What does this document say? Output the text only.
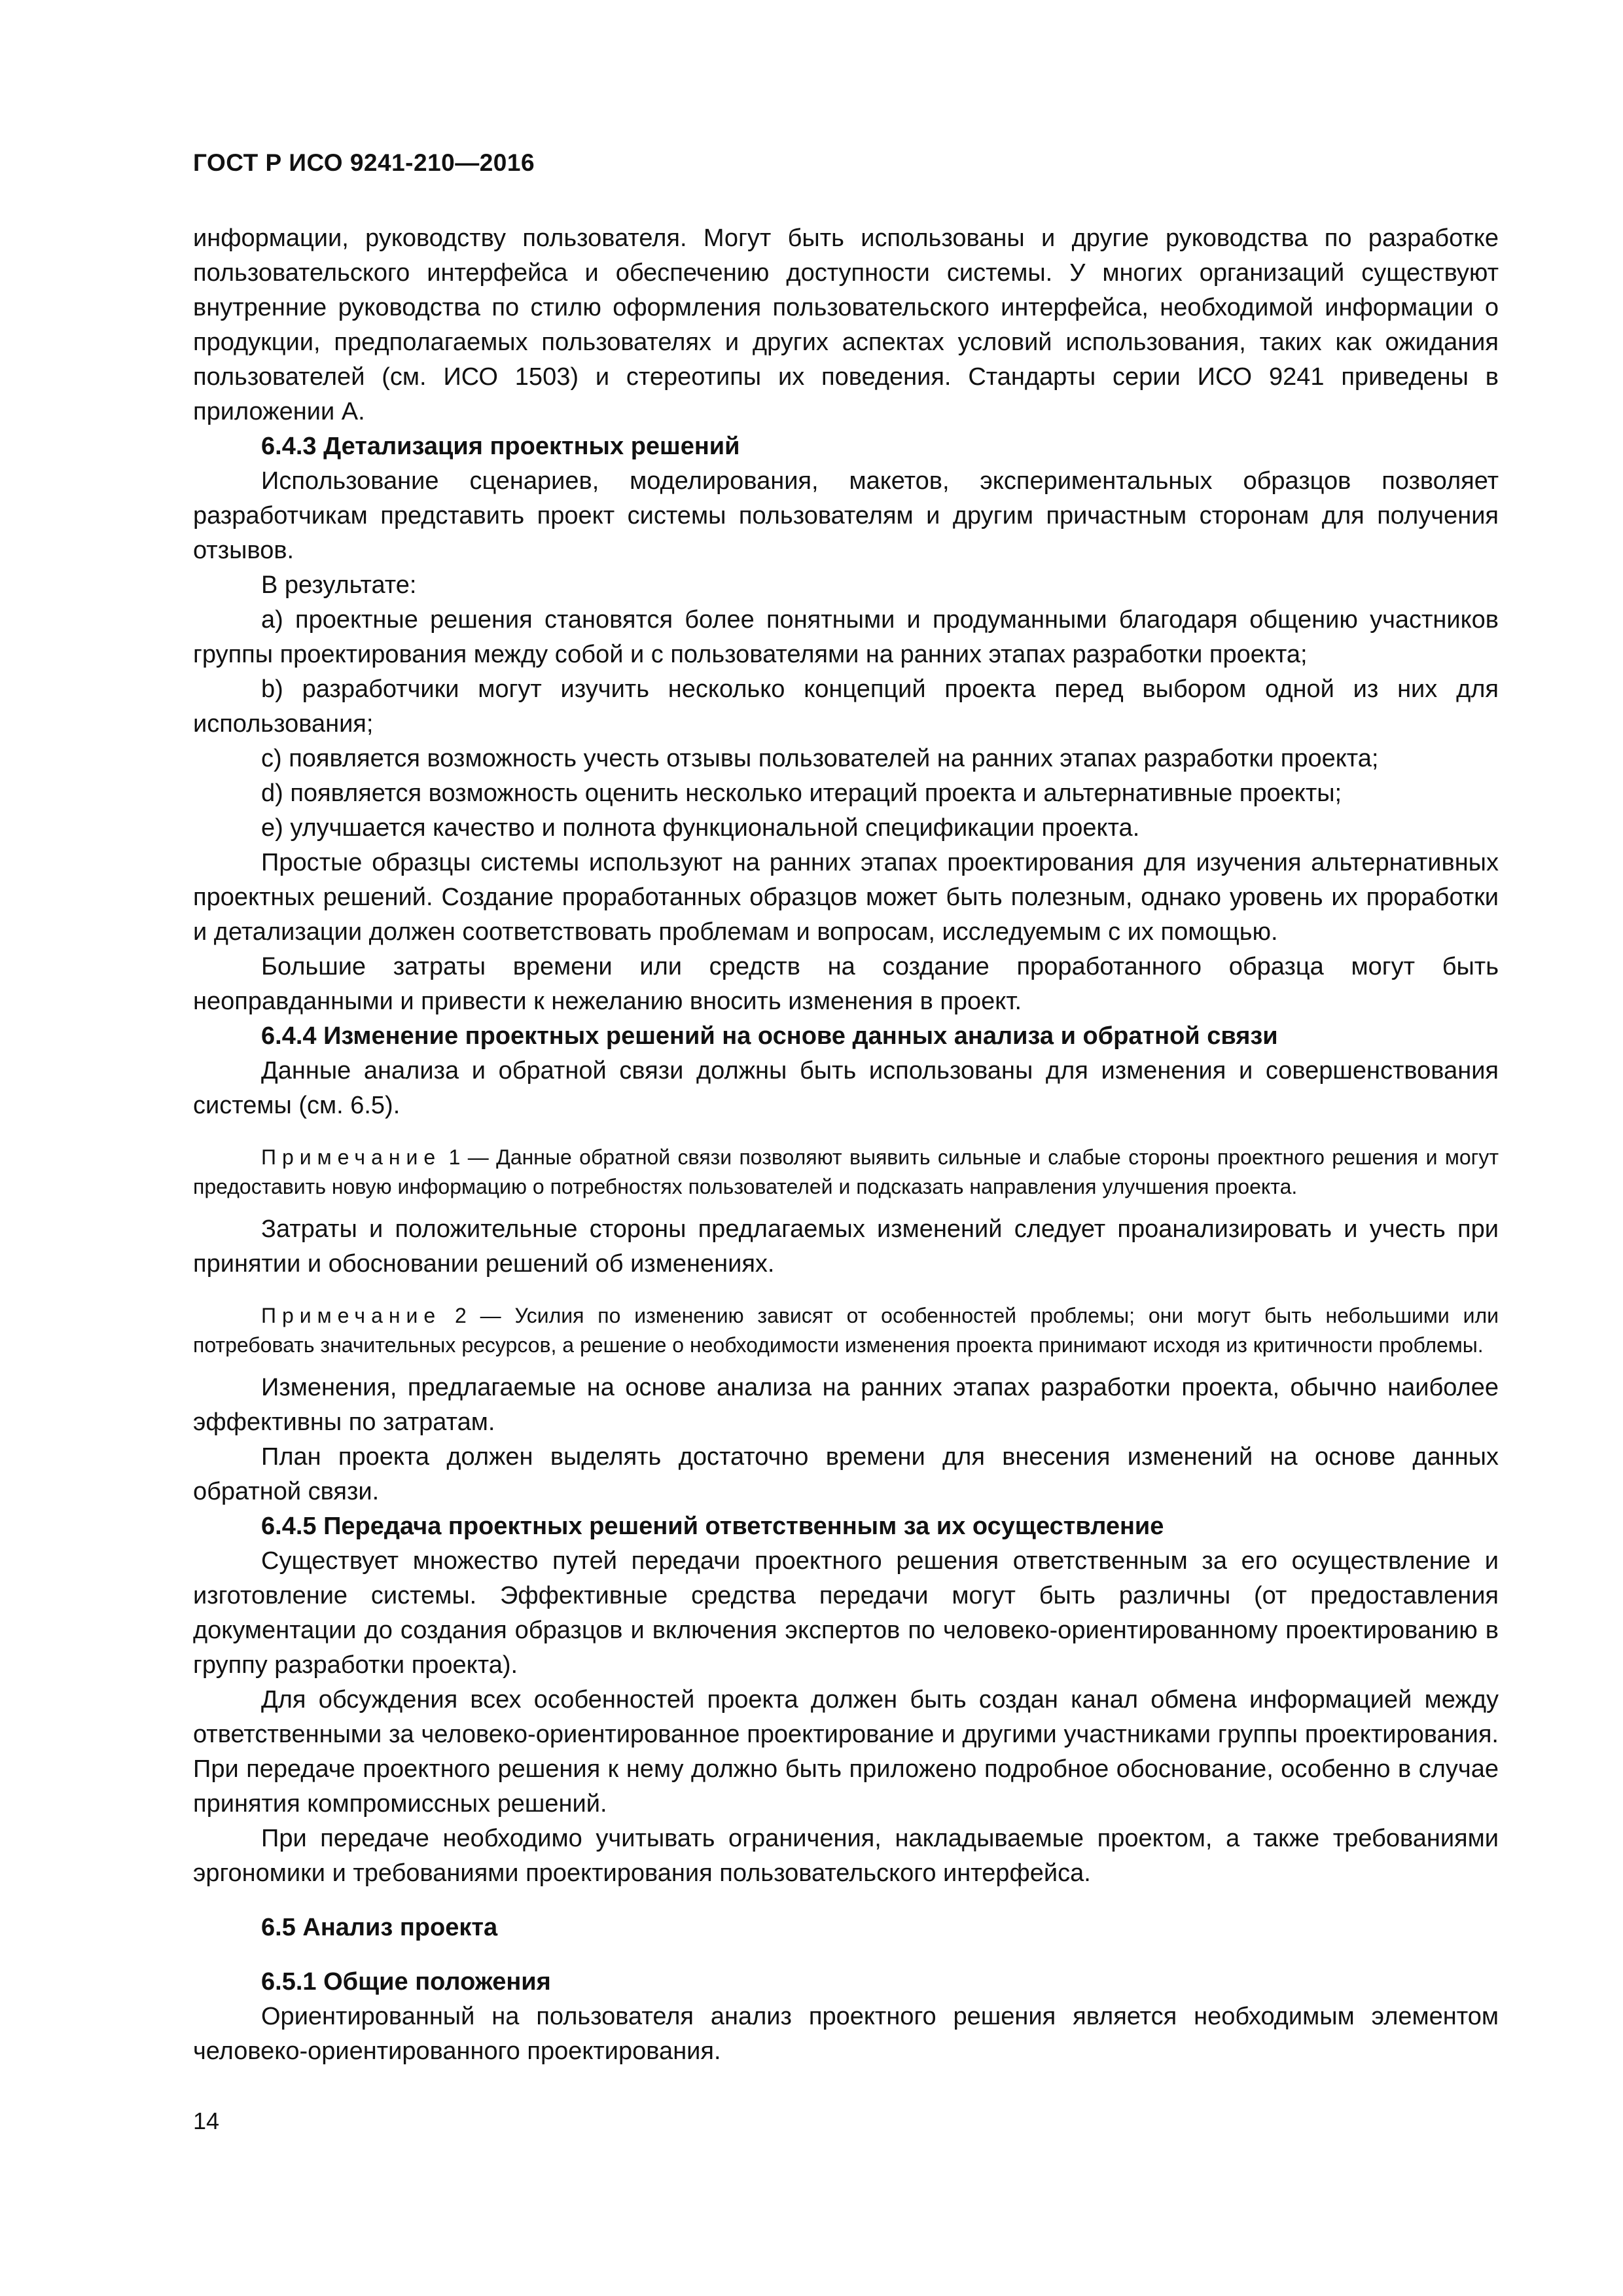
ГОСТ Р ИСО 9241-210—2016

информации, руководству пользователя. Могут быть использованы и другие руководства по разработке пользовательского интерфейса и обеспечению доступности системы. У многих организаций существуют внутренние руководства по стилю оформления пользовательского интерфейса, необходимой информации о продукции, предполагаемых пользователях и других аспектах условий использования, таких как ожидания пользователей (см. ИСО 1503) и стереотипы их поведения. Стандарты серии ИСО 9241 приведены в приложении А.

6.4.3 Детализация проектных решений

Использование сценариев, моделирования, макетов, экспериментальных образцов позволяет разработчикам представить проект системы пользователям и другим причастным сторонам для получения отзывов.

В результате:

а) проектные решения становятся более понятными и продуманными благодаря общению участников группы проектирования между собой и с пользователями на ранних этапах разработки проекта;

b) разработчики могут изучить несколько концепций проекта перед выбором одной из них для использования;

c) появляется возможность учесть отзывы пользователей на ранних этапах разработки проекта;

d) появляется возможность оценить несколько итераций проекта и альтернативные проекты;

e) улучшается качество и полнота функциональной спецификации проекта.

Простые образцы системы используют на ранних этапах проектирования для изучения альтернативных проектных решений. Создание проработанных образцов может быть полезным, однако уровень их проработки и детализации должен соответствовать проблемам и вопросам, исследуемым с их помощью.

Большие затраты времени или средств на создание проработанного образца могут быть неоправданными и привести к нежеланию вносить изменения в проект.

6.4.4 Изменение проектных решений на основе данных анализа и обратной связи

Данные анализа и обратной связи должны быть использованы для изменения и совершенствования системы (см. 6.5).

Примечание 1 — Данные обратной связи позволяют выявить сильные и слабые стороны проектного решения и могут предоставить новую информацию о потребностях пользователей и подсказать направления улучшения проекта.

Затраты и положительные стороны предлагаемых изменений следует проанализировать и учесть при принятии и обосновании решений об изменениях.

Примечание 2 — Усилия по изменению зависят от особенностей проблемы; они могут быть небольшими или потребовать значительных ресурсов, а решение о необходимости изменения проекта принимают исходя из критичности проблемы.

Изменения, предлагаемые на основе анализа на ранних этапах разработки проекта, обычно наиболее эффективны по затратам.

План проекта должен выделять достаточно времени для внесения изменений на основе данных обратной связи.

6.4.5 Передача проектных решений ответственным за их осуществление

Существует множество путей передачи проектного решения ответственным за его осуществление и изготовление системы. Эффективные средства передачи могут быть различны (от предоставления документации до создания образцов и включения экспертов по человеко-ориентированному проектированию в группу разработки проекта).

Для обсуждения всех особенностей проекта должен быть создан канал обмена информацией между ответственными за человеко-ориентированное проектирование и другими участниками группы проектирования. При передаче проектного решения к нему должно быть приложено подробное обоснование, особенно в случае принятия компромиссных решений.

При передаче необходимо учитывать ограничения, накладываемые проектом, а также требованиями эргономики и требованиями проектирования пользовательского интерфейса.

6.5 Анализ проекта

6.5.1 Общие положения

Ориентированный на пользователя анализ проектного решения является необходимым элементом человеко-ориентированного проектирования.

14
